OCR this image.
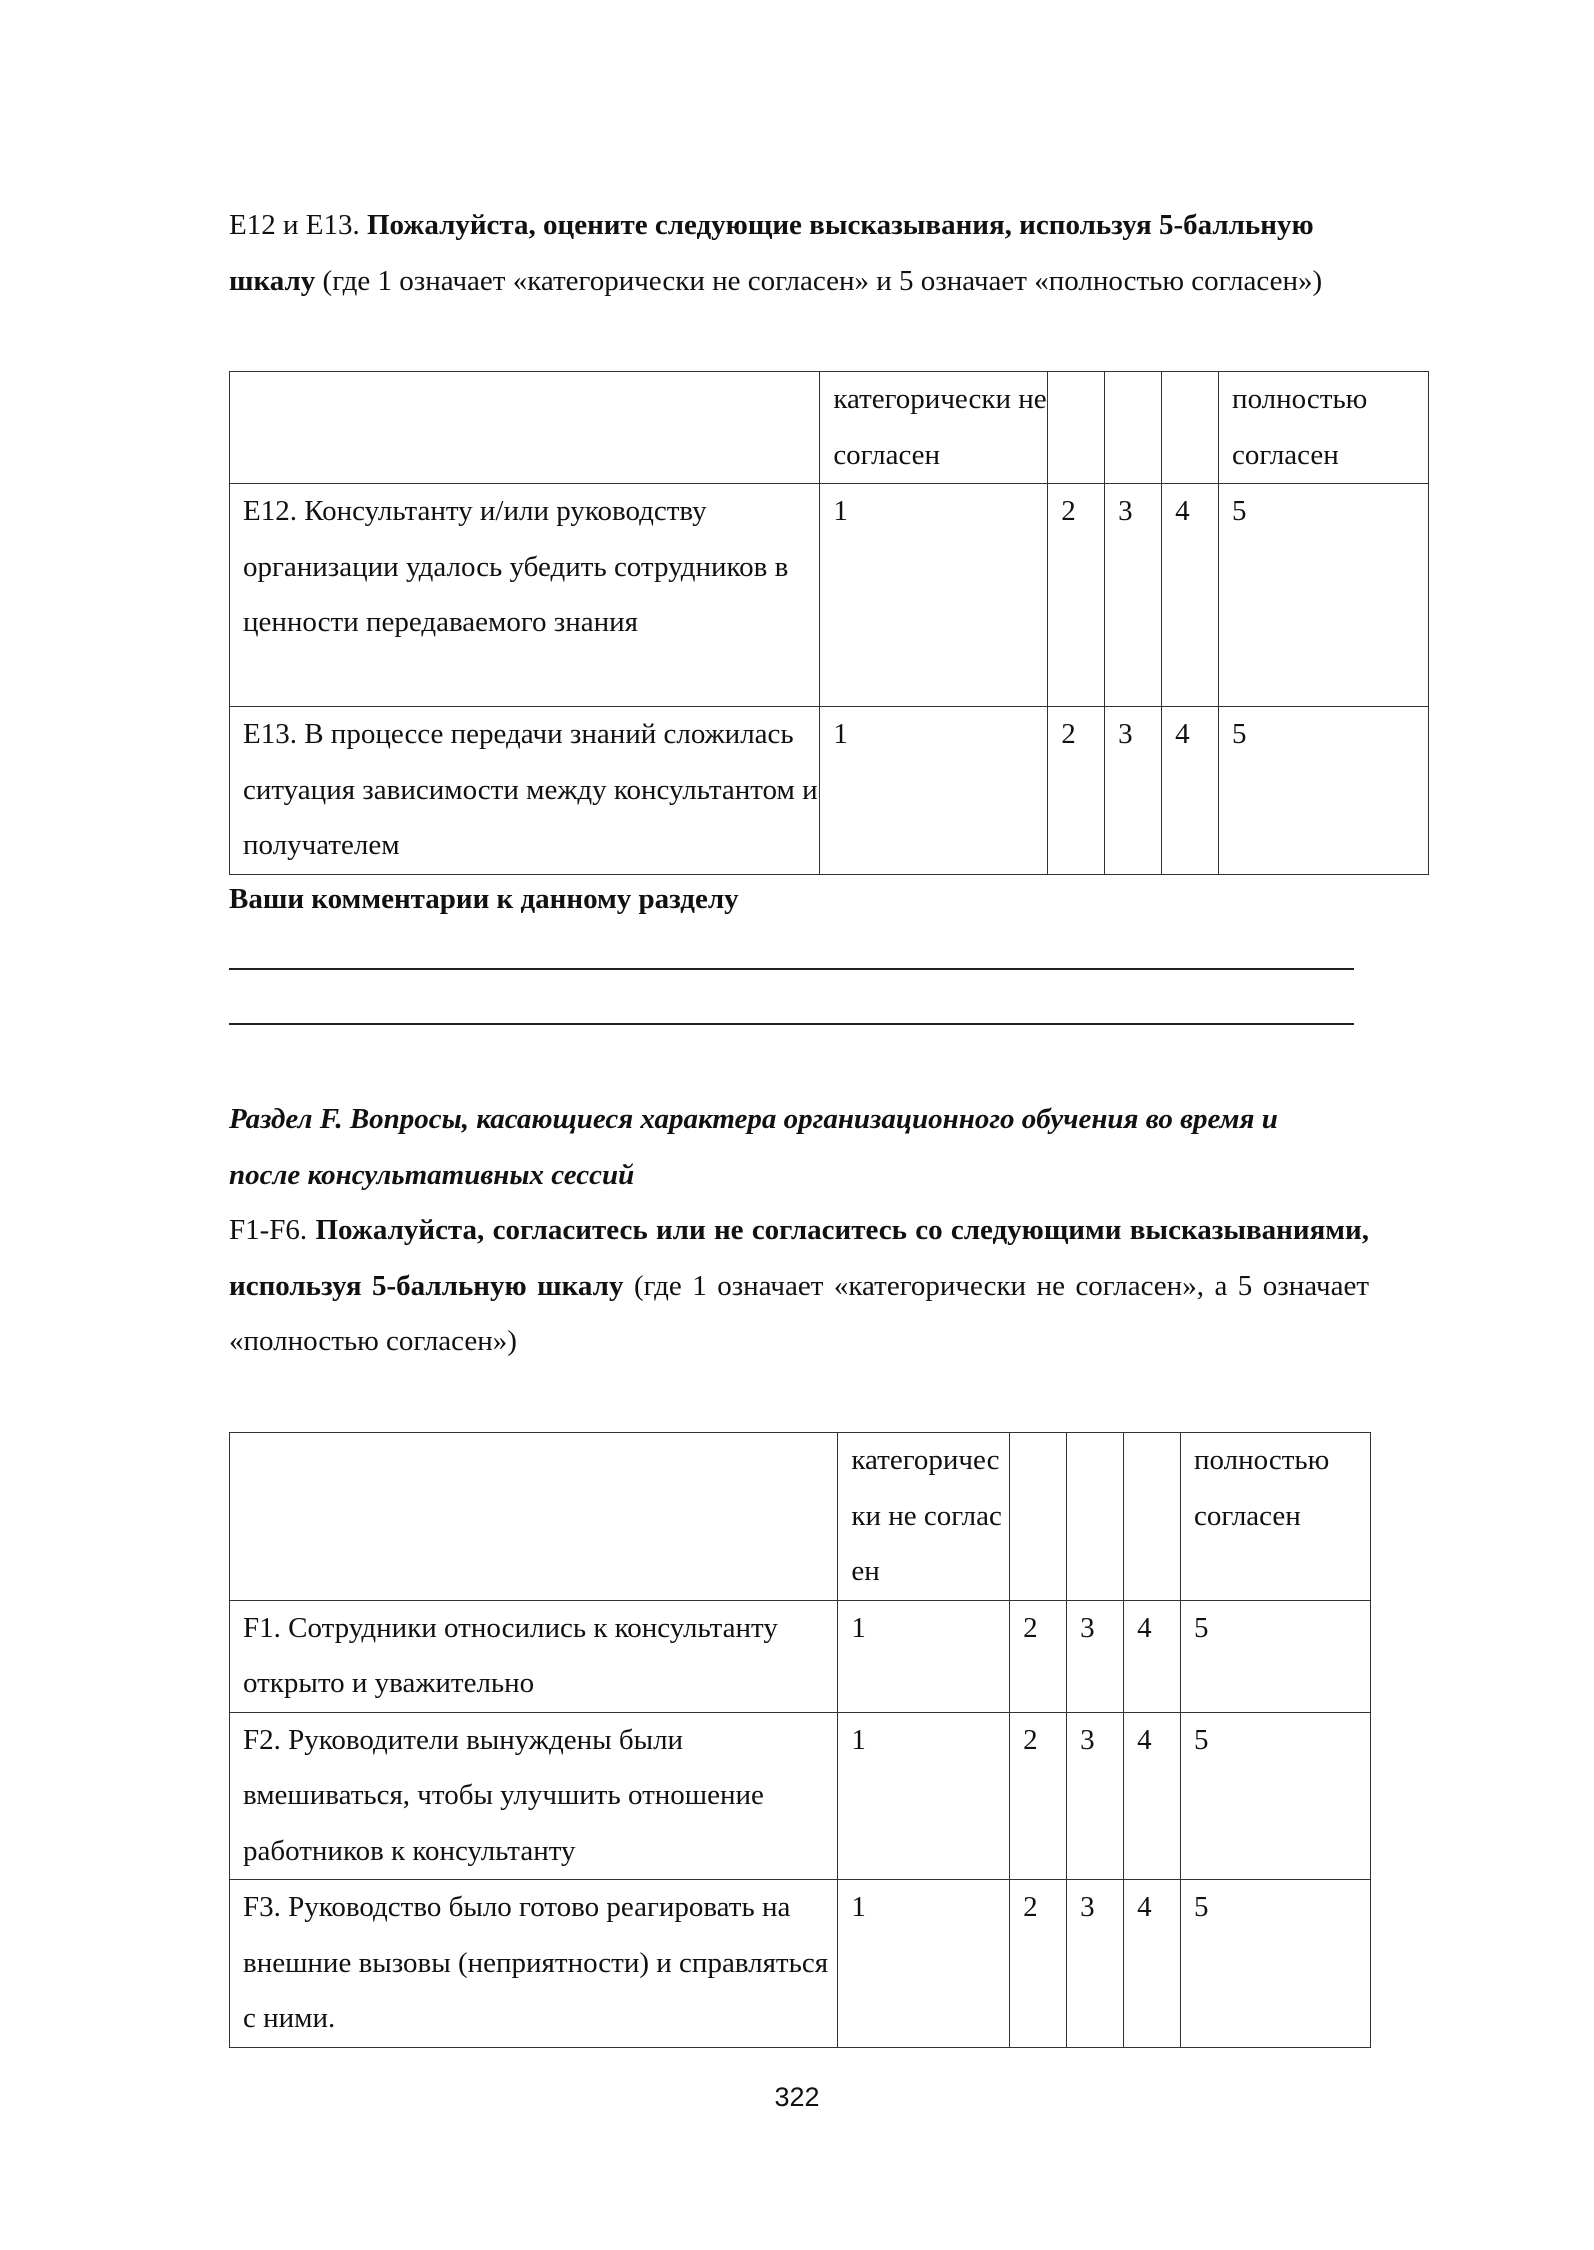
E12 и E13. Пожалуйста, оцените следующие высказывания, используя 5-балльную шкалу (где 1 означает «категорически не согласен» и 5 означает «полностью согласен»)

	категорически не согласен				полностью согласен
E12. Консультанту и/или руководству организации удалось убедить сотрудников в ценности передаваемого знания	1	2	3	4	5
E13. В процессе передачи знаний сложилась ситуация зависимости между консультантом и получателем	1	2	3	4	5

Ваши комментарии к данному разделу

Раздел F. Вопросы, касающиеся характера организационного обучения во время и после консультативных сессий

F1-F6. Пожалуйста, согласитесь или не согласитесь со следующими высказываниями, используя 5-балльную шкалу (где 1 означает «категорически не согласен», а 5 означает «полностью согласен»)

	категорически не согласен				полностью согласен
F1. Сотрудники относились к консультанту открыто и уважительно	1	2	3	4	5
F2. Руководители вынуждены были вмешиваться, чтобы улучшить отношение работников к консультанту	1	2	3	4	5
F3. Руководство было готово реагировать на внешние вызовы (неприятности) и справляться с ними.	1	2	3	4	5
322
